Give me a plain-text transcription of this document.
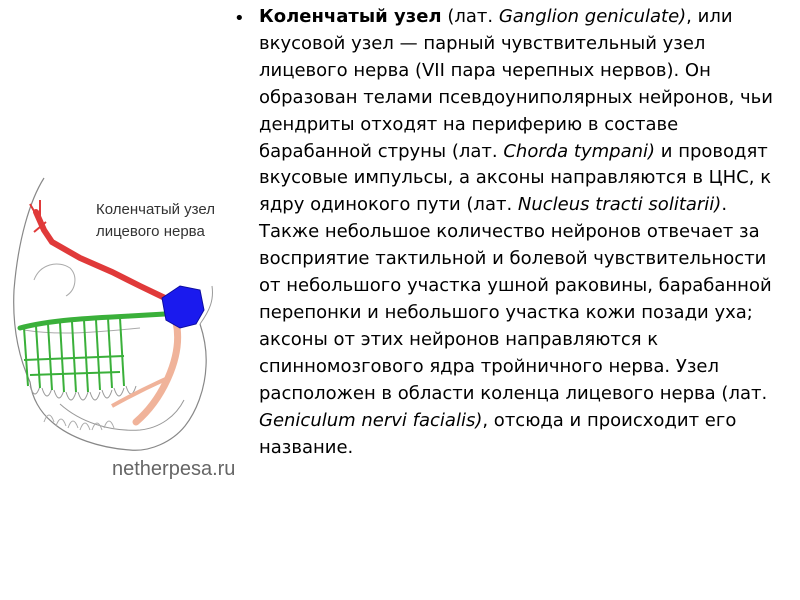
Коленчатый узел
лицевого нерва
netherpesa.ru
• Коленчатый узел (лат. Ganglion geniculate), или вкусовой узел — парный чувствительный узел лицевого нерва (VII пара черепных нервов). Он образован телами псевдоуниполярных нейронов, чьи дендриты отходят на периферию в составе барабанной струны (лат. Chorda tympani) и проводят вкусовые импульсы, а аксоны направляются в ЦНС, к ядру одинокого пути (лат. Nucleus tracti solitarii). Также небольшое количество нейронов отвечает за восприятие тактильной и болевой чувствительности от небольшого участка ушной раковины, барабанной перепонки и небольшого участка кожи позади уха; аксоны от этих нейронов направляются к спинномозгового ядра тройничного нерва. Узел расположен в области коленца лицевого нерва (лат. Geniculum nervi facialis), отсюда и происходит его название.
